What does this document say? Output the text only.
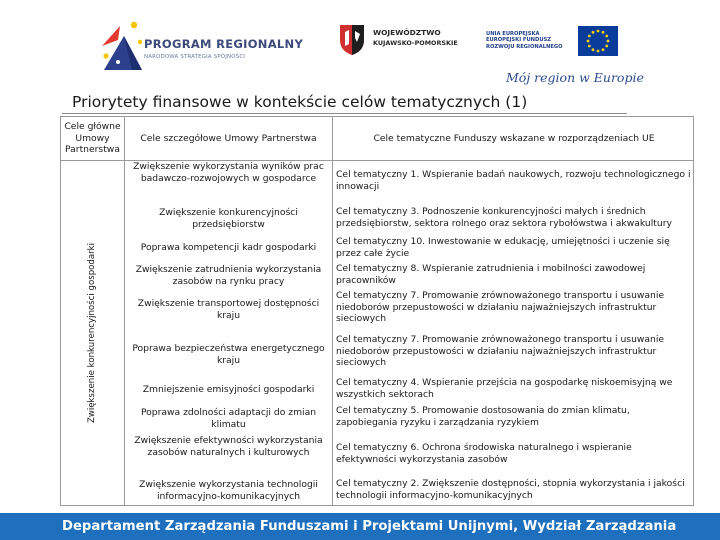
PROGRAM REGIONALNY
NARODOWA STRATEGIA SPÓJNOŚCI
WOJEWÓDZTWO
KUJAWSKO-POMORSKIE
UNIA EUROPEJSKA
EUROPEJSKI FUNDUSZ
ROZWOJU REGIONALNEGO
Mój region w Europie
Priorytety finansowe w kontekście celów tematycznych (1)
Cele główne Umowy Partnerstwa
Cele szczegółowe Umowy Partnerstwa	Cele tematyczne Funduszy wskazane w rozporządzeniach UE
Zwiększenie konkurencyjności gospodarki
Zwiększenie wykorzystania wyników prac badawczo-rozwojowych w gospodarce
Zwiększenie konkurencyjności przedsiębiorstw
Poprawa kompetencji kadr gospodarki
Zwiększenie zatrudnienia wykorzystania zasobów na rynku pracy
Zwiększenie transportowej dostępności kraju
Poprawa bezpieczeństwa energetycznego kraju
Zmniejszenie emisyjności gospodarki
Poprawa zdolności adaptacji do zmian klimatu
Zwiększenie efektywności wykorzystania zasobów naturalnych i kulturowych
Zwiększenie wykorzystania technologii informacyjno-komunikacyjnych
Cel tematyczny 1. Wspieranie badań naukowych, rozwoju technologicznego i innowacji
Cel tematyczny 3. Podnoszenie konkurencyjności małych i średnich przedsiębiorstw, sektora rolnego oraz sektora rybołówstwa i akwakultury
Cel tematyczny 10. Inwestowanie w edukację, umiejętności i uczenie się przez całe życie
Cel tematyczny 8. Wspieranie zatrudnienia i mobilności zawodowej pracowników
Cel tematyczny 7. Promowanie zrównoważonego transportu i usuwanie niedoborów przepustowości w działaniu najważniejszych infrastruktur sieciowych
Cel tematyczny 7. Promowanie zrównoważonego transportu i usuwanie niedoborów przepustowości w działaniu najważniejszych infrastruktur sieciowych
Cel tematyczny 4. Wspieranie przejścia na gospodarkę niskoemisyjną we wszystkich sektorach
Cel tematyczny 5. Promowanie dostosowania do zmian klimatu, zapobiegania ryzyku i zarządzania ryzykiem
Cel tematyczny 6. Ochrona środowiska naturalnego i wspieranie efektywności wykorzystania zasobów
Cel tematyczny 2. Zwiększenie dostępności, stopnia wykorzystania i jakości technologii informacyjno-komunikacyjnych
Departament Zarządzania Funduszami i Projektami Unijnymi, Wydział Zarządzania
